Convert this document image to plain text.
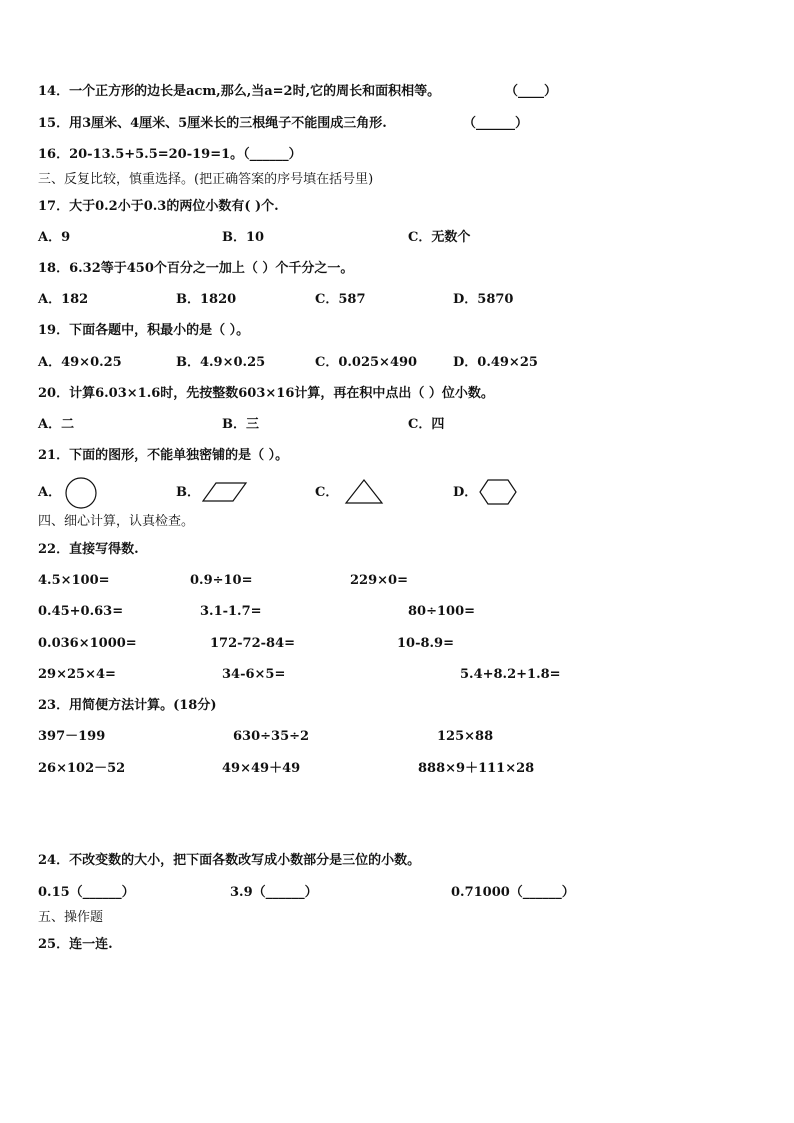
14．一个正方形的边长是acm,那么,当a=2时,它的周长和面积相等。	（____）
15．用3厘米、4厘米、5厘米长的三根绳子不能围成三角形.	（______）
16．20-13.5+5.5=20-19=1。（______）
三、反复比较，慎重选择。(把正确答案的序号填在括号里)
17．大于0.2小于0.3的两位小数有( )个.
A．9	B．10	C．无数个
18．6.32等于450个百分之一加上（ ）个千分之一。
A．182	B．1820	C．587	D．5870
19．下面各题中，积最小的是（ ）。
A．49×0.25	B．4.9×0.25	C．0.025×490	D．0.49×25
20．计算6.03×1.6时，先按整数603×16计算，再在积中点出（ ）位小数。
A．二	B．三	C．四
21．下面的图形，不能单独密铺的是（ ）。
A．	B．	C．	D．
四、细心计算，认真检查。
22．直接写得数.
4.5×100=	0.9÷10=	229×0=
0.45+0.63=	3.1-1.7=	80÷100=
0.036×1000=	172-72-84=	10-8.9=
29×25×4=	34-6×5=	5.4+8.2+1.8=
23．用简便方法计算。(18分)
397－199	630÷35÷2	125×88
26×102－52	49×49＋49	888×9＋111×28
24．不改变数的大小，把下面各数改写成小数部分是三位的小数。
0.15（______）	3.9（______）	0.71000（______）
五、操作题
25．连一连.
